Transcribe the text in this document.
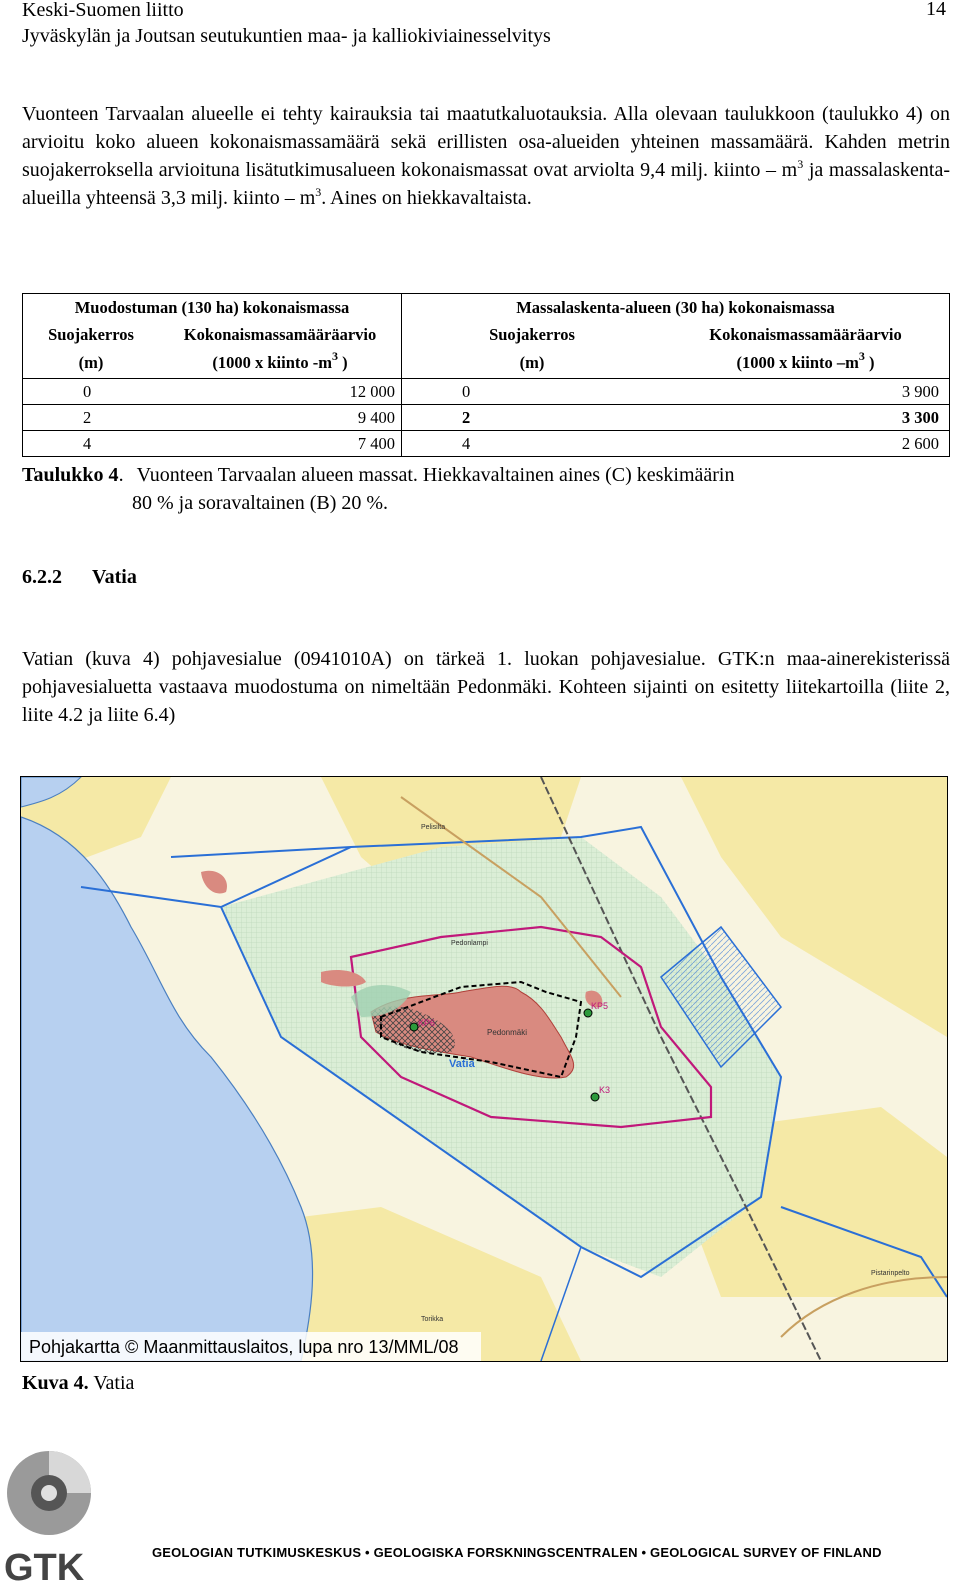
Keski-Suomen liitto
Jyväskylän ja Joutsan seutukuntien maa- ja kalliokiviainesselvitys
14
Vuonteen Tarvaalan alueelle ei tehty kairauksia tai maatutkaluotauksia. Alla olevaan taulukkoon (taulukko 4) on arvioitu koko alueen kokonaismassamäärä sekä erillisten osa-alueiden yhteinen massamäärä. Kahden metrin suojakerroksella arvioituna lisätutkimusalueen kokonaismassat ovat arviolta 9,4 milj. kiinto – $m^3$ ja massalaskenta-alueilla yhteensä 3,3 milj. kiinto – $m^3$. Aines on hiekkavaltaista.
Muodostuman (130 ha) kokonaismassa		Massalaskenta-alueen (30 ha) kokonaismassa	
Suojakerros	Kokonaismassamääräarvio	Suojakerros	Kokonaismassamääräarvio
(m)	(1000 x kiinto $-m^3$ )	(m)	(1000 x kiinto $-m^3$ )
0	12 000	0	3 900
2	9 400	2	3 300
4	7 400	4	2 600
Taulukko 4. Vuonteen Tarvaalan alueen massat. Hiekkavaltainen aines (C) keskimäärin
80 % ja soravaltainen (B) 20 %.
6.2.2 Vatia
Vatian (kuva 4) pohjavesialue (0941010A) on tärkeä 1. luokan pohjavesialue. GTK:n maa-ainerekisterissä pohjavesialuetta vastaava muodostuma on nimeltään Pedonmäki. Kohteen sijainti on esitetty liitekartoilla (liite 2, liite 4.2 ja liite 6.4)
KP6
KP5
K3
Pedonmäki
Vatia
Pedonlampi
Pelisilta
Pistarinpelto
Torikka
Pohjakartta © Maanmittauslaitos, lupa nro 13/MML/08
Kuva 4. Vatia
GTK	GEOLOGIAN TUTKIMUSKESKUS • GEOLOGISKA FORSKNINGSCENTRALEN • GEOLOGICAL SURVEY OF FINLAND
